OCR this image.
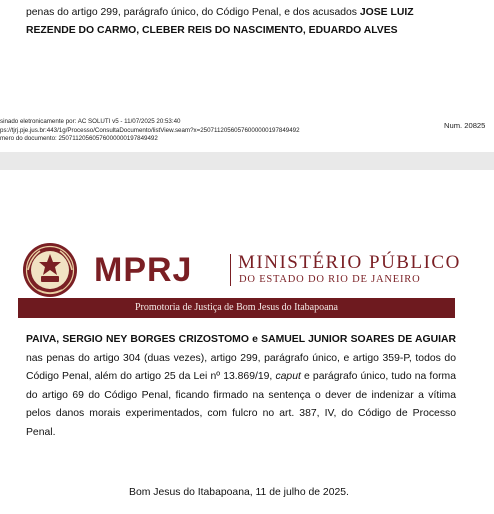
penas do artigo 299, parágrafo único, do Código Penal, e dos acusados JOSE LUIZ
REZENDE DO CARMO, CLEBER REIS DO NASCIMENTO, EDUARDO ALVES

sinado eletronicamente por: AC SOLUTI v5 - 11/07/2025 20:53:40
ps://tjrj.pje.jus.br:443/1g/Processo/ConsultaDocumento/listView.seam?x=25071120560576000000197849492
mero do documento: 25071120560576000000197849492
Num. 20825
MPRJ MINISTÉRIO PÚBLICO
DO ESTADO DO RIO DE JANEIRO
Promotoria de Justiça de Bom Jesus do Itabapoana

PAIVA, SERGIO NEY BORGES CRIZOSTOMO e SAMUEL JUNIOR SOARES DE AGUIAR nas penas do artigo 304 (duas vezes), artigo 299, parágrafo único, e artigo 359-P, todos do Código Penal, além do artigo 25 da Lei nº 13.869/19, caput e parágrafo único, tudo na forma do artigo 69 do Código Penal, ficando firmado na sentença o dever de indenizar a vítima pelos danos morais experimentados, com fulcro no art. 387, IV, do Código de Processo Penal.

Bom Jesus do Itabapoana, 11 de julho de 2025.
